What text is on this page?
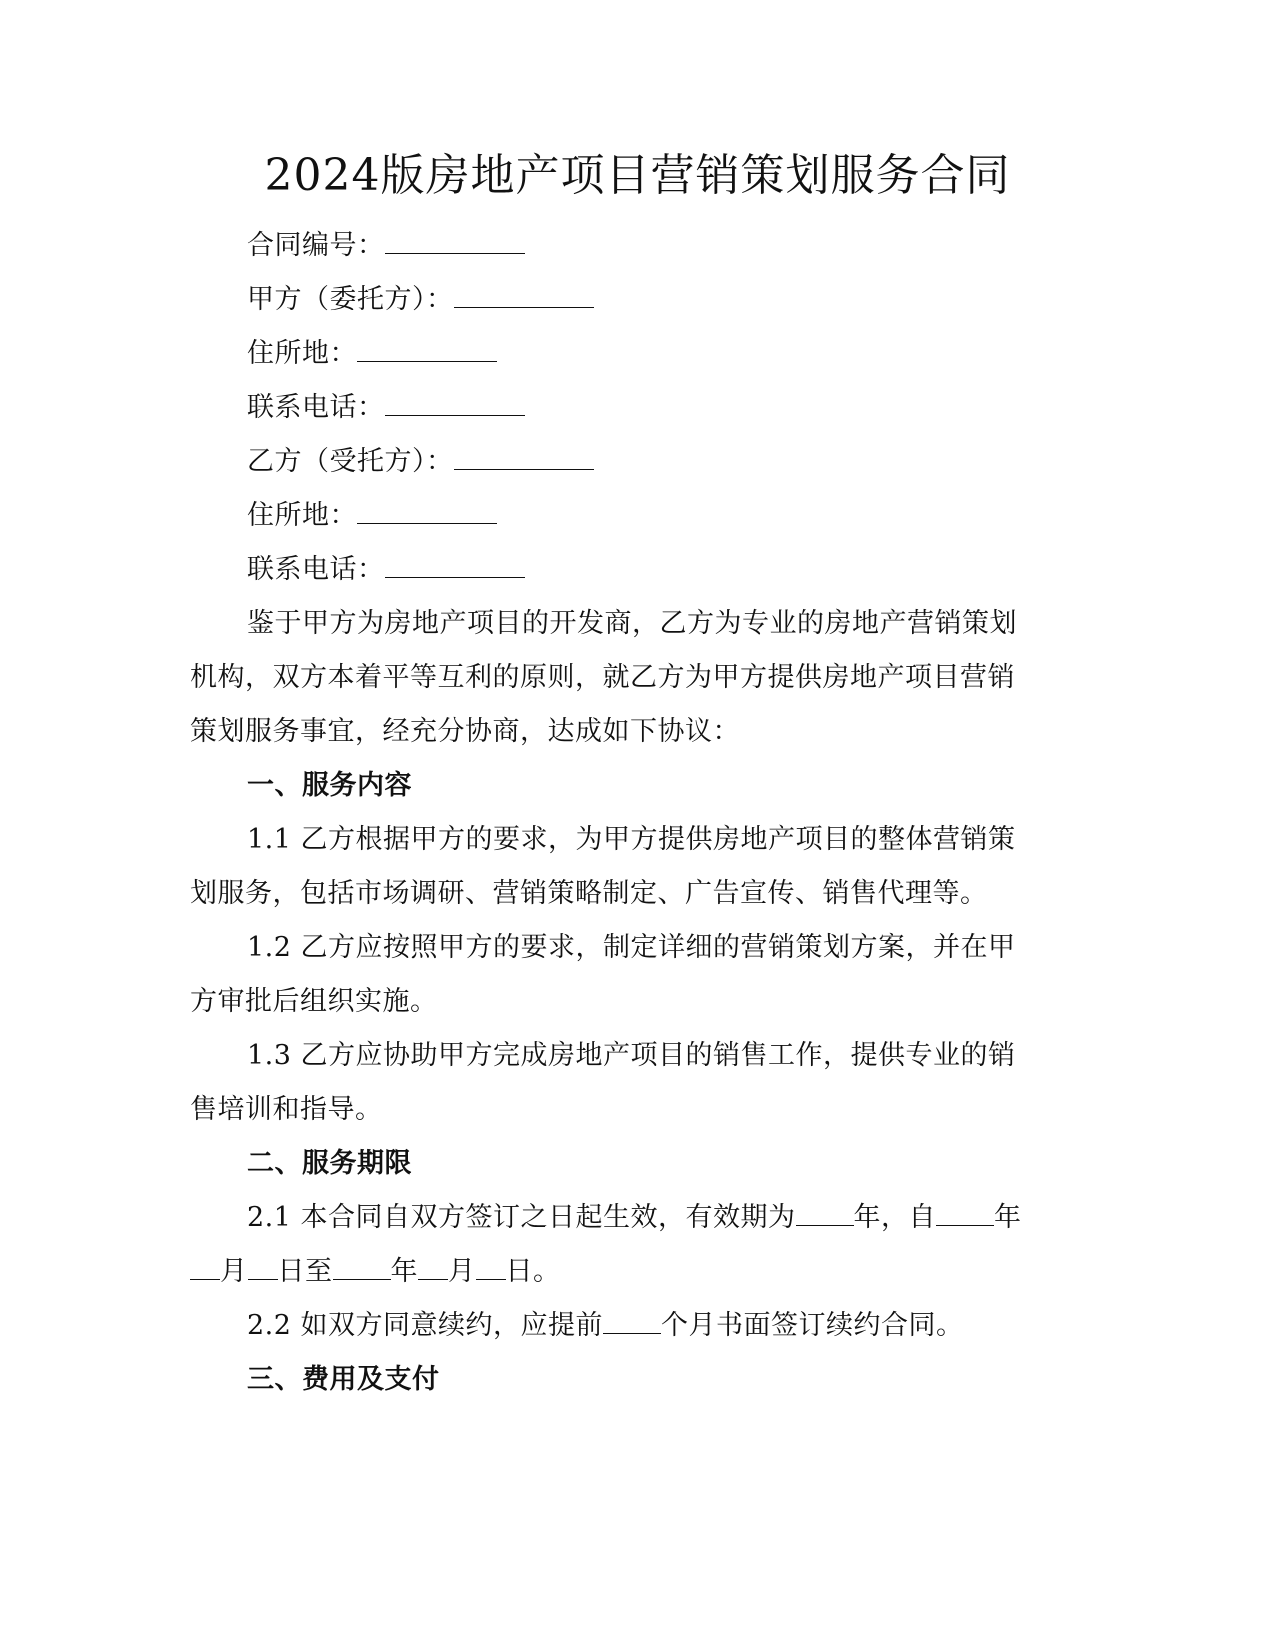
2024版房地产项目营销策划服务合同
合同编号：
甲方（委托方）：
住所地：
联系电话：
乙方（受托方）：
住所地：
联系电话：
鉴于甲方为房地产项目的开发商，乙方为专业的房地产营销策划
机构，双方本着平等互利的原则，就乙方为甲方提供房地产项目营销
策划服务事宜，经充分协商，达成如下协议：
一、服务内容
1.1 乙方根据甲方的要求，为甲方提供房地产项目的整体营销策
划服务，包括市场调研、营销策略制定、广告宣传、销售代理等。
1.2 乙方应按照甲方的要求，制定详细的营销策划方案，并在甲
方审批后组织实施。
1.3 乙方应协助甲方完成房地产项目的销售工作，提供专业的销
售培训和指导。
二、服务期限
2.1 本合同自双方签订之日起生效，有效期为 年，自 年
月 日至 年 月 日。
2.2 如双方同意续约，应提前 个月书面签订续约合同。
三、费用及支付
